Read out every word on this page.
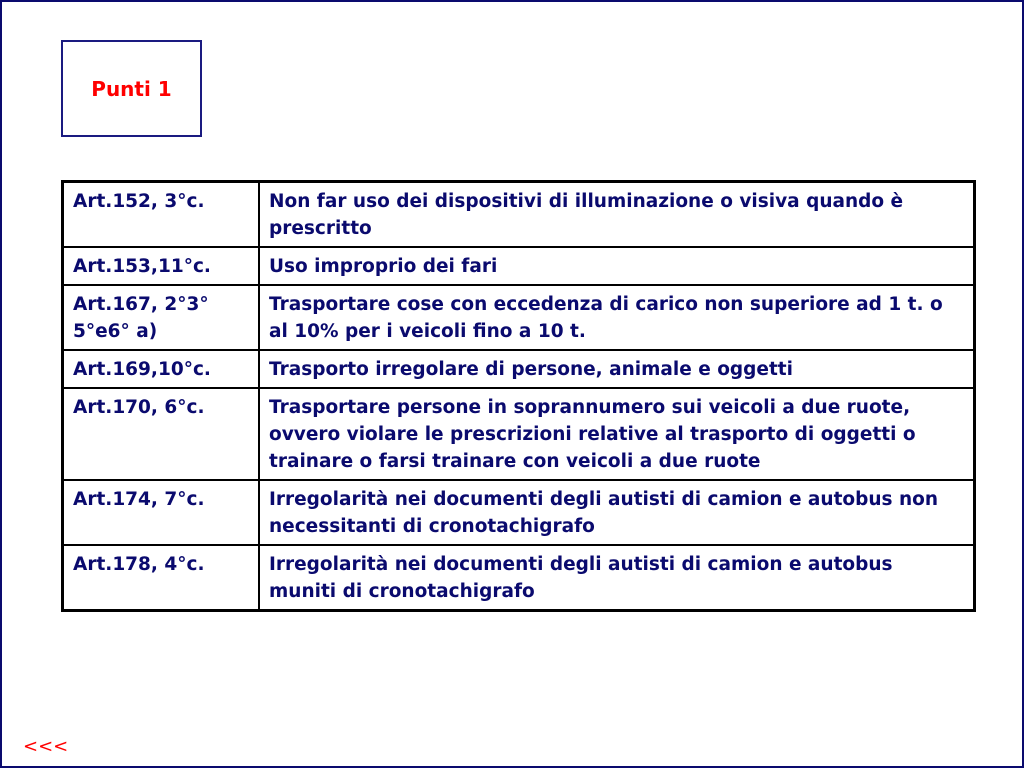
Punti 1
Art.152, 3°c.	Non far uso dei dispositivi di illuminazione o visiva quando è prescritto
Art.153,11°c.	Uso improprio dei fari
Art.167, 2°3° 5°e6° a)	Trasportare cose con eccedenza di carico non superiore ad 1 t. o al 10% per i veicoli fino a 10 t.
Art.169,10°c.	Trasporto irregolare di persone, animale e oggetti
Art.170, 6°c.	Trasportare persone in soprannumero sui veicoli a due ruote, ovvero violare le prescrizioni relative al trasporto di oggetti o trainare o farsi trainare con veicoli a due ruote
Art.174, 7°c.	Irregolarità nei documenti degli autisti di camion e autobus non necessitanti di cronotachigrafo
Art.178, 4°c.	Irregolarità nei documenti degli autisti di camion e autobus muniti di cronotachigrafo
<<<
